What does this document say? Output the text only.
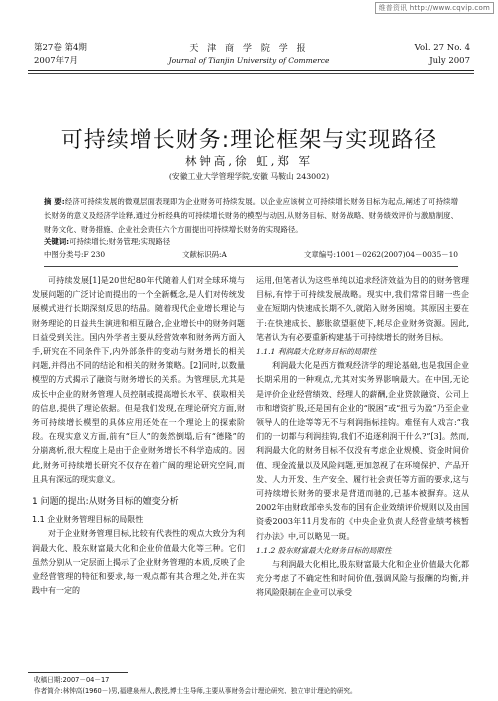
维普资讯 http://www.cqvip.com
第27卷 第4期
2007年7月
天 津 商 学 院 学 报
Journal of Tianjin University of Commerce
Vol. 27 No. 4
July 2007
可持续增长财务:理论框架与实现路径
林钟高,徐 虹,郑 军
(安徽工业大学管理学院,安徽 马鞍山 243002)
摘 要:经济可持续发展的微观层面表现即为企业财务可持续发展。以企业应该树立可持续增长财务目标为起点,阐述了可持续增长财务的意义及经济学诠释,通过分析经典的可持续增长财务的模型与动因,从财务目标、财务战略、财务绩效评价与激励制度、财务文化、财务措施、企业社会责任六个方面提出可持续增长财务的实现路径。
关键词:可持续增长;财务管理;实现路径
中图分类号:F 230	文献标识码:A	文章编号:1001－0262(2007)04－0035－10

可持续发展[1]是20世纪80年代随着人们对全球环境与发展问题的广泛讨论而提出的一个全新概念,是人们对传统发展模式进行长期深刻反思的结晶。随着现代企业增长理论与财务理论的日益共生演进和相互融合,企业增长中的财务问题日益受到关注。国内外学者主要从经营效率和财务两方面入手,研究在不同条件下,内外部条件的变动与财务增长的相关问题,并得出不同的结论和相关的财务策略。[2]同时,以数量模型的方式揭示了融资与财务增长的关系。为管理层,尤其是成长中企业的财务管理人员控制或提高增长水平、获取相关的信息,提供了理论依据。但是我们发现,在理论研究方面,财务可持续增长模型的具体应用还处在一个理论上的探索阶段。在现实意义方面,前有“巨人”的轰然倒塌,后有“德隆”的分崩离析,很大程度上是由于企业财务增长不科学造成的。因此,财务可持续增长研究不仅存在着广阔的理论研究空间,而且具有深远的现实意义。

1 问题的提出:从财务目标的嬗变分析
1.1 企业财务管理目标的局限性

对于企业财务管理目标,比较有代表性的观点大致分为利润最大化、股东财富最大化和企业价值最大化等三种。它们虽然分别从一定层面上揭示了企业财务管理的本质,反映了企业经营管理的特征和要求,每一观点都有其合理之处,并在实践中有一定的

运用,但笔者认为这些单纯以追求经济效益为目的的财务管理目标,有悖于可持续发展战略。现实中,我们常常目睹一些企业在短期内快速成长期不久,就陷入财务困境。其原因主要在于:在快速成长、膨胀欲望驱使下,耗尽企业财务资源。因此,笔者认为有必要重新构建基于可持续增长的财务目标。

1.1.1 利润最大化财务目标的局限性

利润最大化是西方微观经济学的理论基础,也是我国企业长期采用的一种观点,尤其对实务界影响最大。在中国,无论是评价企业经营绩效、经理人的薪酬,企业贷款融资、公司上市和增资扩股,还是国有企业的“脱困”或“扭亏为盈”乃至企业领导人的仕途等等无不与利润指标挂钩。难怪有人戏言:“我们的一切都与利润挂钩,我们不追逐利润干什么?”[3]。然而,利润最大化的财务目标不仅没有考虑企业规模、资金时间价值、现金流量以及风险问题,更加忽视了在环境保护、产品开发、人力开发、生产安全、履行社会责任等方面的要求,这与可持续增长财务的要求是背道而驰的,已基本被摒弃。这从2002年由财政部牵头发布的国有企业效绩评价规则以及由国资委2003年11月发布的《中央企业负责人经营业绩考核暂行办法》中,可以略见一斑。

1.1.2 股东财富最大化财务目标的局限性

与利润最大化相比,股东财富最大化和企业价值最大化都充分考虑了不确定性和时间价值,强调风险与报酬的均衡,并将风险限制在企业可以承受

收稿日期:2007－04－17
作者简介:林钟高(1960－)男,福建泉州人,教授,博士生导师,主要从事财务会计理论研究、独立审计理论的研究。
